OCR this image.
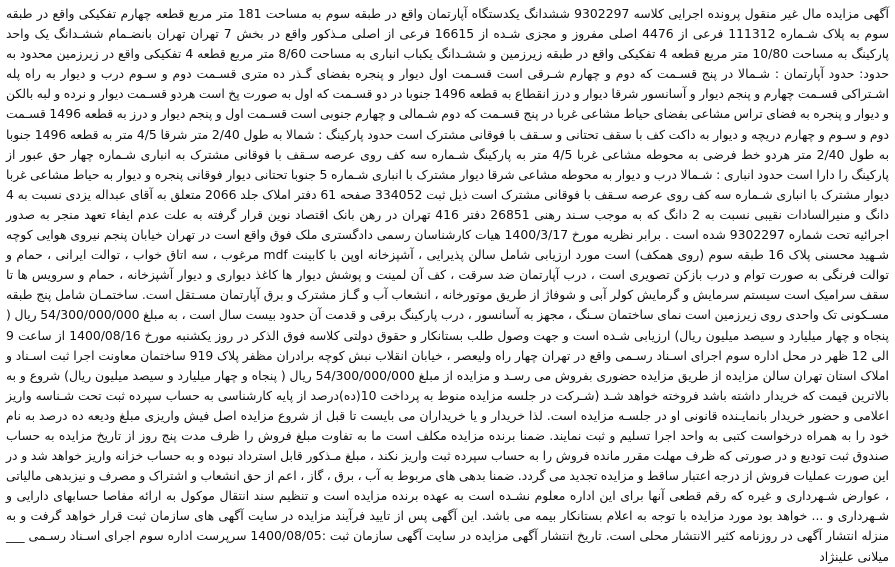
آگهی مزایده مال غیر منقول پرونده اجرایی کلاسه 9302297 ششدانگ یکدستگاه آپارتمان واقع در طبقه سوم به مساحت 181 متر مربع قطعه چهارم تفکیکی واقع در طبقه سوم به پلاک شـماره 111312 فرعی از 4476 اصلی مفروز و مجزی شـده از 16615 فرعی از اصلی مـذکور واقع در بخش 7 تهران تهران بانضـمام ششـدانگ یک واحد پارکینگ به مساحت 10/80 متر مربع قطعه 4 تفکیکی واقع در طبقه زیرزمین و ششـدانگ یکباب انباری به مساحت 8/60 متر مربع قطعه 4 تفکیکی واقع در زیرزمین محدود به حدود: حدود آپارتمان : شـمالا در پنج قسـمت که دوم و چهارم شـرقی است قسـمت اول دیوار و پنجره بفضای گـذر ده متری قسـمت دوم و سـوم درب و دیوار به راه پله اشـتراکی قسـمت چهارم و پنجم دیوار و آسانسور شرقا دیوار و درز انقطاع به قطعه 1496 جنوبا در دو قسـمت که اول به صورت پخ است هردو قسـمت دیوار و نرده و لبه بالکن و دیوار و پنجره به فضای تراس مشاعی بفضای حیاط مشاعی غربا در پنج قسـمت که دوم شـمالی و چهارم جنوبی است قسـمت اول و پنجم دیوار و درز به قطعه 1496 قسـمت دوم و سـوم و چهارم دریچه و دیوار به داکت کف با سقف تحتانی و سـقف با فوقانی مشترک است حدود پارکینگ : شمالا به طول 2/40 متر شرقا 4/5 متر به قطعه 1496 جنوبا به طول 2/40 متر هردو خط فرضی به محوطه مشاعی غربا 4/5 متر به پارکینگ شـماره سه کف روی عرصه سـقف با فوقانی مشترک به انباری شـماره چهار حق عبور از پارکینگ را دارا است حدود انباری : شـمالا درب و دیوار به محوطه مشاعی شرقا دیوار مشترک با انباری شـماره 5 جنوبا تحتانی دیوار فوقانی پنجره و دیوار به حیاط مشاعی غربا دیوار مشترک با انباری شـماره سه کف روی عرصه سـقف با فوقانی مشترک است ذیل ثبت 334052 صفحه 61 دفتر املاک جلد 2066 متعلق به آقای عبداله یزدی نسبت به 4 دانگ و منیرالسادات نقیبی نسبت به 2 دانگ که به موجب سـند رهنی 26851 دفتر 416 تهران در رهن بانک اقتصاد نوین قرار گرفته به علت عدم ایفاء تعهد منجر به صدور اجرائیه تحت شماره 9302297 شده است . برابر نظریه مورخ 1400/3/17 هیات کارشناسان رسمی دادگستری ملک فوق واقع است در تهران خیابان پنجم نیروی هوایی کوچه شـهید محسنی پلاک 16 طبقه سوم (روی همکف) است مورد ارزیابی شامل سالن پذیرایی ، آشپزخانه اوپن با کابینت mdf مرغوب ، سه اتاق خواب ، توالت ایرانی ، حمام و توالت فرنگی به صورت توام و درب بازکن تصویری است ، درب آپارتمان ضد سرقت ، کف آن لمینت و پوشش دیوار ها کاغذ دیواری و دیوار آشپزخانه ، حمام و سرویس ها تا سقف سرامیک است سیستم سرمایش و گرمایش کولر آبی و شوفاژ از طریق موتورخانه ، انشعاب آب و گـاز مشترک و برق آپارتمان مسـتقل است. ساختمـان شامل پنج طبقه مسـکونی تک واحدی روی زیرزمین است نمای ساختمان سـنگ ، مجهز به آسانسور ، درب پارکینگ برقی و قدمت آن حدود بیست سال است ، به مبلغ 54/300/000/000 ریال ( پنجاه و چهار میلیارد و سیصد میلیون ریال) ارزیابی شـده است و جهت وصول طلب بستانکار و حقوق دولتی کلاسه فوق الذکر در روز یکشنبه مورخ 1400/08/16 از ساعت 9 الی 12 ظهر در محل اداره سوم اجرای اسـناد رسـمی واقع در تهران چهار راه ولیعصر ، خیابان انقلاب نبش کوچه برادران مظفر پلاک 919 ساختمان معاونت اجرا ثبت اسـناد و املاک استان تهران سالن مزایده از طریق مزایده حضوری بفروش می رسـد و مزایده از مبلغ 54/300/000/000 ریال ( پنجاه و چهار میلیارد و سیصد میلیون ریال) شروع و به بالاترین قیمت که خریدار داشته باشد فروخته خواهد شـد (شـرکت در جلسه مزایده منوط به پرداخت 10(ده)درصد از پایه کارشناسی به حساب سپرده ثبت تحت شـناسه واریز اعلامی و حضور خریدار بانمایـنده قانونی او در جلسـه مزایده است. لذا خریدار و یا خریداران می بایست تا قبل از شروع مزایده اصل فیش واریزی مبلغ ودیعه ده درصد به نام خود را به همراه درخواست کتبی به واحد اجرا تسلیم و ثبت نمایند. ضمنا برنده مزایده مکلف است ما به تفاوت مبلغ فروش را ظرف مدت پنج روز از تاریخ مزایده به حساب صندوق ثبت تودیع و در صورتی که ظرف مهلت مقرر مانده فروش را به حساب سپرده ثبت واریز نکند ، مبلغ مـذکور قابل استرداد نبوده و به حساب خزانه واریز خواهد شد و در این صورت عملیات فروش از درجه اعتبار ساقط و مزایده تجدید می گردد. ضمنا بدهی های مربوط به آب ، برق ، گاز ، اعم از حق انشعاب و اشتراک و مصرف و نیزبدهی مالیاتی ، عوارض شـهرداری و غیره که رقم قطعی آنها برای این اداره معلوم نشـده است به عهده برنده مزایده است و تنظیم سند انتقال موکول به ارائه مفاصا حسابهای دارایی و شـهرداری و ... خواهد بود مورد مزایده با توجه به اعلام بستانکار بیمه می باشد. این آگهی پس از تایید فرآیند مزایده در سایت آگهی های سازمان ثبت قرار خواهد گرفت و به منزله انتشار آگهی در روزنامه کثیر الانتشار محلی است. تاریخ انتشار آگهی مزایده در سایت آگهی سازمان ثبت :1400/08/05 سرپرست اداره سوم اجرای اسـناد رسـمی ___ میلانی علینژاد
